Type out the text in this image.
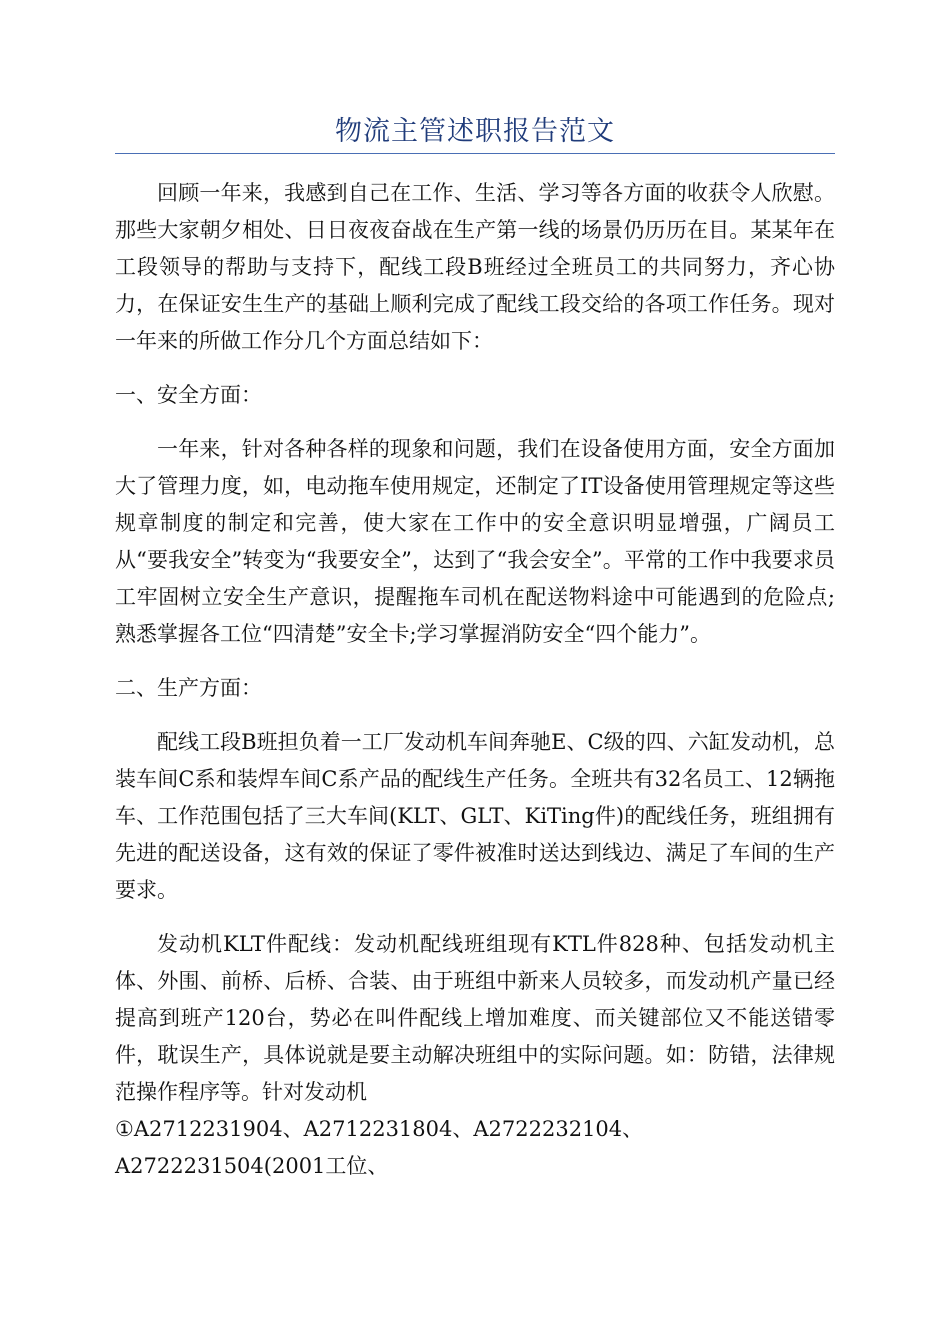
物流主管述职报告范文

回顾一年来，我感到自己在工作、生活、学习等各方面的收获令人欣慰。那些大家朝夕相处、日日夜夜奋战在生产第一线的场景仍历历在目。某某年在工段领导的帮助与支持下，配线工段B班经过全班员工的共同努力，齐心协力，在保证安生生产的基础上顺利完成了配线工段交给的各项工作任务。现对一年来的所做工作分几个方面总结如下：

一、安全方面：

一年来，针对各种各样的现象和问题，我们在设备使用方面，安全方面加大了管理力度，如，电动拖车使用规定，还制定了IT设备使用管理规定等这些规章制度的制定和完善，使大家在工作中的安全意识明显增强，广阔员工从“要我安全”转变为“我要安全”，达到了“我会安全”。平常的工作中我要求员工牢固树立安全生产意识，提醒拖车司机在配送物料途中可能遇到的危险点;熟悉掌握各工位“四清楚”安全卡;学习掌握消防安全“四个能力”。

二、生产方面：

配线工段B班担负着一工厂发动机车间奔驰E、C级的四、六缸发动机，总装车间C系和装焊车间C系产品的配线生产任务。全班共有32名员工、12辆拖车、工作范围包括了三大车间(KLT、GLT、KiTing件)的配线任务，班组拥有先进的配送设备，这有效的保证了零件被准时送达到线边、满足了车间的生产要求。

发动机KLT件配线：发动机配线班组现有KTL件828种、包括发动机主体、外围、前桥、后桥、合装、由于班组中新来人员较多，而发动机产量已经提高到班产120台，势必在叫件配线上增加难度、而关键部位又不能送错零件，耽误生产，具体说就是要主动解决班组中的实际问题。如：防错，法律规范操作程序等。针对发动机

①A2712231904、A2712231804、A2722232104、A2722231504(2001工位、
